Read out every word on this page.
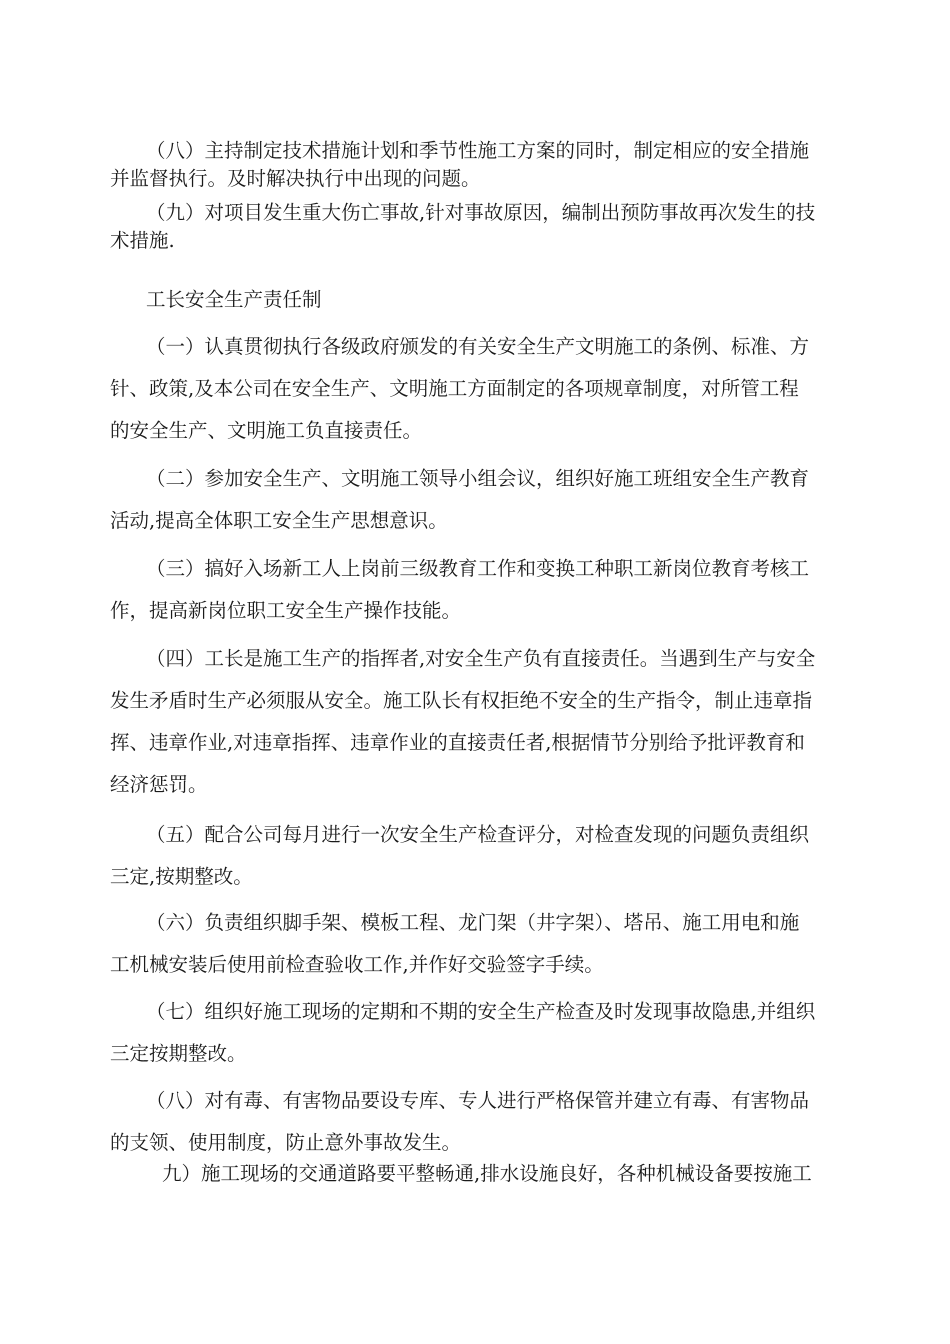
（八）主持制定技术措施计划和季节性施工方案的同时，制定相应的安全措施
并监督执行。及时解决执行中出现的问题。

（九）对项目发生重大伤亡事故,针对事故原因，编制出预防事故再次发生的技
术措施.

工长安全生产责任制

（一）认真贯彻执行各级政府颁发的有关安全生产文明施工的条例、标准、方
针、政策,及本公司在安全生产、文明施工方面制定的各项规章制度，对所管工程
的安全生产、文明施工负直接责任。

（二）参加安全生产、文明施工领导小组会议，组织好施工班组安全生产教育
活动,提高全体职工安全生产思想意识。

（三）搞好入场新工人上岗前三级教育工作和变换工种职工新岗位教育考核工
作，提高新岗位职工安全生产操作技能。

（四）工长是施工生产的指挥者,对安全生产负有直接责任。当遇到生产与安全
发生矛盾时生产必须服从安全。施工队长有权拒绝不安全的生产指令，制止违章指
挥、违章作业,对违章指挥、违章作业的直接责任者,根据情节分别给予批评教育和
经济惩罚。

（五）配合公司每月进行一次安全生产检查评分，对检查发现的问题负责组织
三定,按期整改。

（六）负责组织脚手架、模板工程、龙门架（井字架）、塔吊、施工用电和施
工机械安装后使用前检查验收工作,并作好交验签字手续。

（七）组织好施工现场的定期和不期的安全生产检查及时发现事故隐患,并组织
三定按期整改。

（八）对有毒、有害物品要设专库、专人进行严格保管并建立有毒、有害物品
的支领、使用制度，防止意外事故发生。

九）施工现场的交通道路要平整畅通,排水设施良好，各种机械设备要按施工
